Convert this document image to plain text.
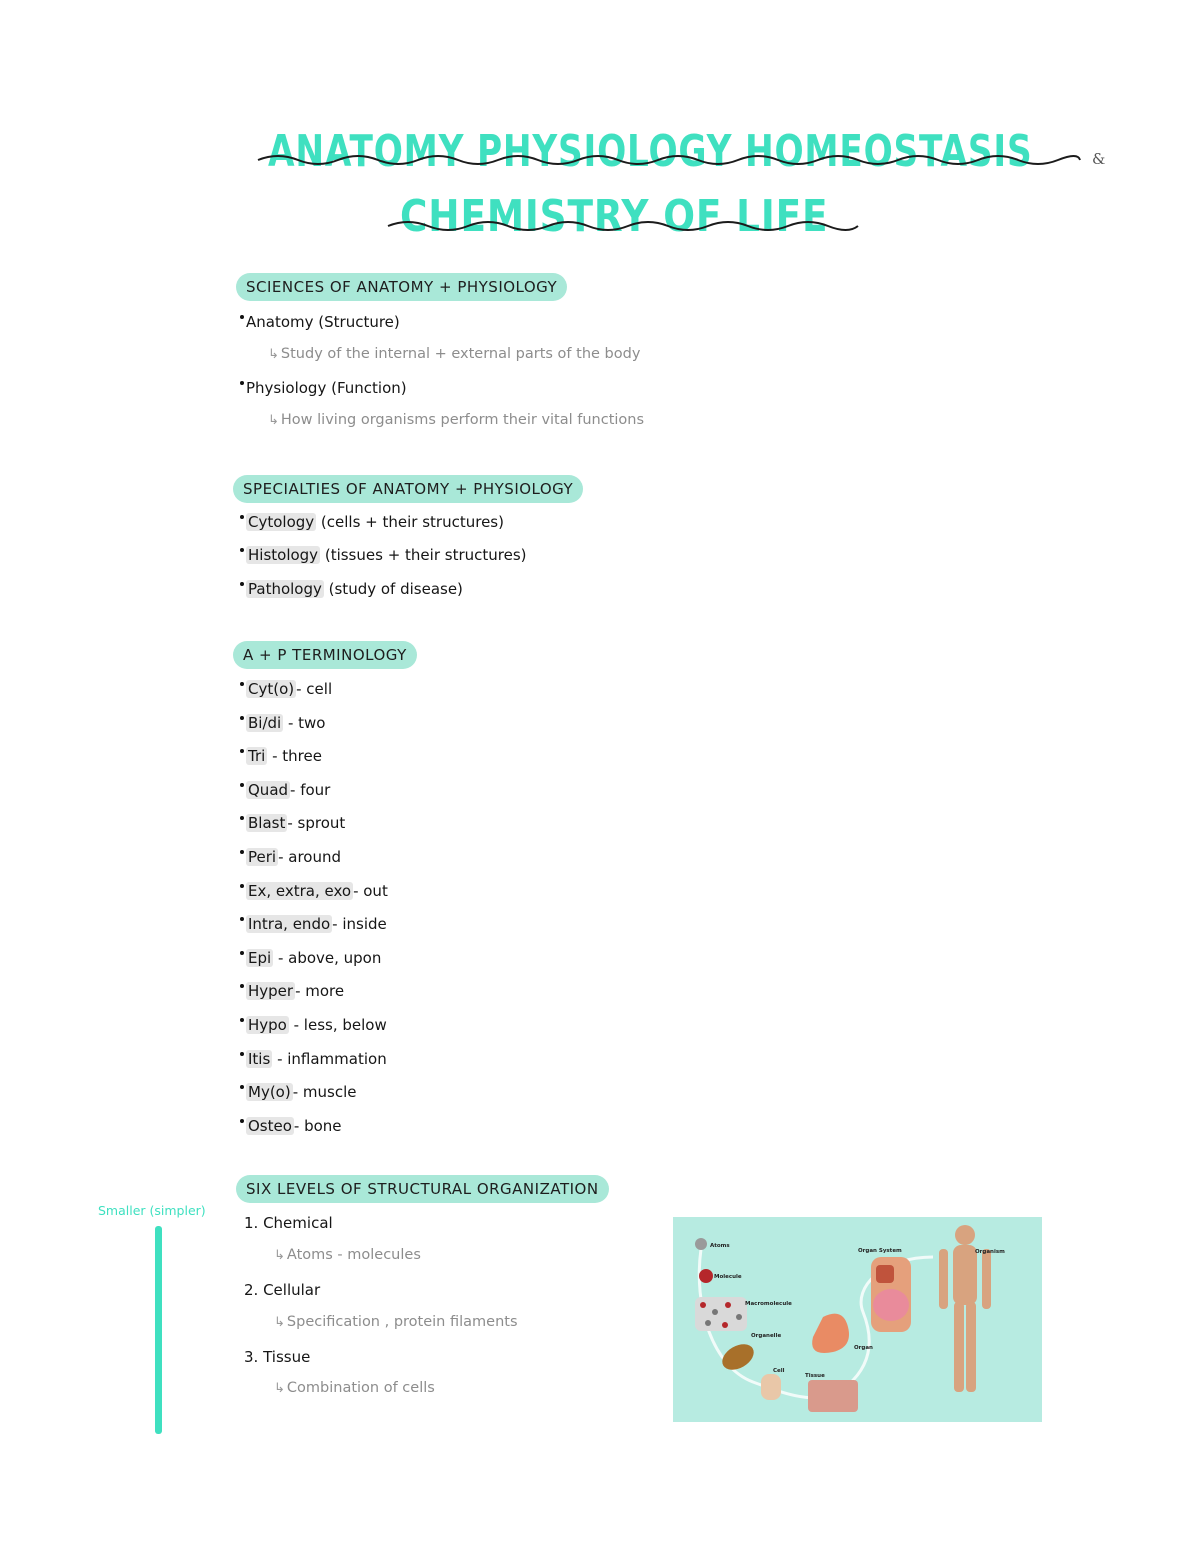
ANATOMY PHYSIOLOGY HOMEOSTASIS	&
CHEMISTRY OF LIFE
SCIENCES OF ANATOMY + PHYSIOLOGY
Anatomy (Structure)
↳ Study of the internal + external parts of the body
Physiology (Function)
↳ How living organisms perform their vital functions
SPECIALTIES OF ANATOMY + PHYSIOLOGY
Cytology (cells + their structures)
Histology (tissues + their structures)
Pathology (study of disease)
A + P TERMINOLOGY
Cyt(o) - cell
Bi/di - two
Tri - three
Quad - four
Blast - sprout
Peri - around
Ex, extra, exo - out
Intra, endo - inside
Epi - above, upon
Hyper - more
Hypo - less, below
Itis - inflammation
My(o) - muscle
Osteo - bone
SIX LEVELS OF STRUCTURAL ORGANIZATION
Smaller (simpler)
1. Chemical
↳ Atoms - molecules
2. Cellular
↳ Specification , protein filaments
3. Tissue
↳ Combination of cells
Atoms
Molecule
Macromolecule
Organelle
Cell
Tissue
Organ
Organ System	Organism
